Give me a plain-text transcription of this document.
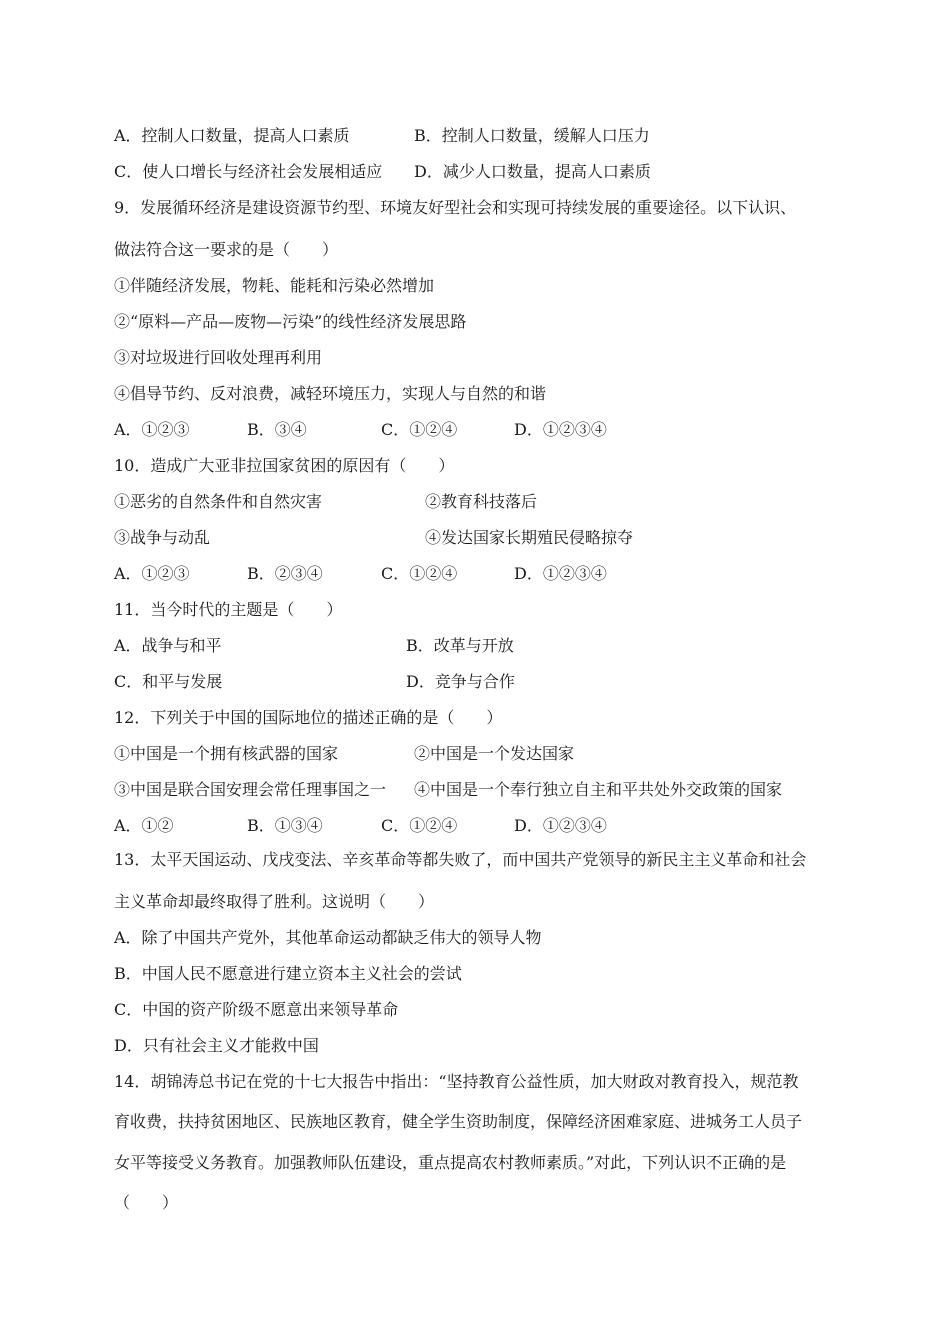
A．控制人口数量，提高人口素质	B．控制人口数量，缓解人口压力
C．使人口增长与经济社会发展相适应 D．减少人口数量，提高人口素质
9．发展循环经济是建设资源节约型、环境友好型社会和实现可持续发展的重要途径。以下认识、
做法符合这一要求的是（　　）
①伴随经济发展，物耗、能耗和污染必然增加
②“原料—产品—废物—污染”的线性经济发展思路
③对垃圾进行回收处理再利用
④倡导节约、反对浪费，减轻环境压力，实现人与自然的和谐
A．①②③	B．③④	C．①②④	D．①②③④
10．造成广大亚非拉国家贫困的原因有（　　）
①恶劣的自然条件和自然灾害	②教育科技落后
③战争与动乱	④发达国家长期殖民侵略掠夺
A．①②③	B．②③④	C．①②④	D．①②③④
11．当今时代的主题是（　　）
A．战争与和平	B．改革与开放
C．和平与发展	D．竞争与合作
12．下列关于中国的国际地位的描述正确的是（　　）
①中国是一个拥有核武器的国家	②中国是一个发达国家
③中国是联合国安理会常任理事国之一 ④中国是一个奉行独立自主和平共处外交政策的国家
A．①②	B．①③④	C．①②④	D．①②③④
13．太平天国运动、戊戌变法、辛亥革命等都失败了，而中国共产党领导的新民主主义革命和社会
主义革命却最终取得了胜利。这说明（　　）
A．除了中国共产党外，其他革命运动都缺乏伟大的领导人物
B．中国人民不愿意进行建立资本主义社会的尝试
C．中国的资产阶级不愿意出来领导革命
D．只有社会主义才能救中国
14．胡锦涛总书记在党的十七大报告中指出：“坚持教育公益性质，加大财政对教育投入，规范教
育收费，扶持贫困地区、民族地区教育，健全学生资助制度，保障经济困难家庭、进城务工人员子
女平等接受义务教育。加强教师队伍建设，重点提高农村教师素质。”对此，下列认识不正确的是
（　　）
